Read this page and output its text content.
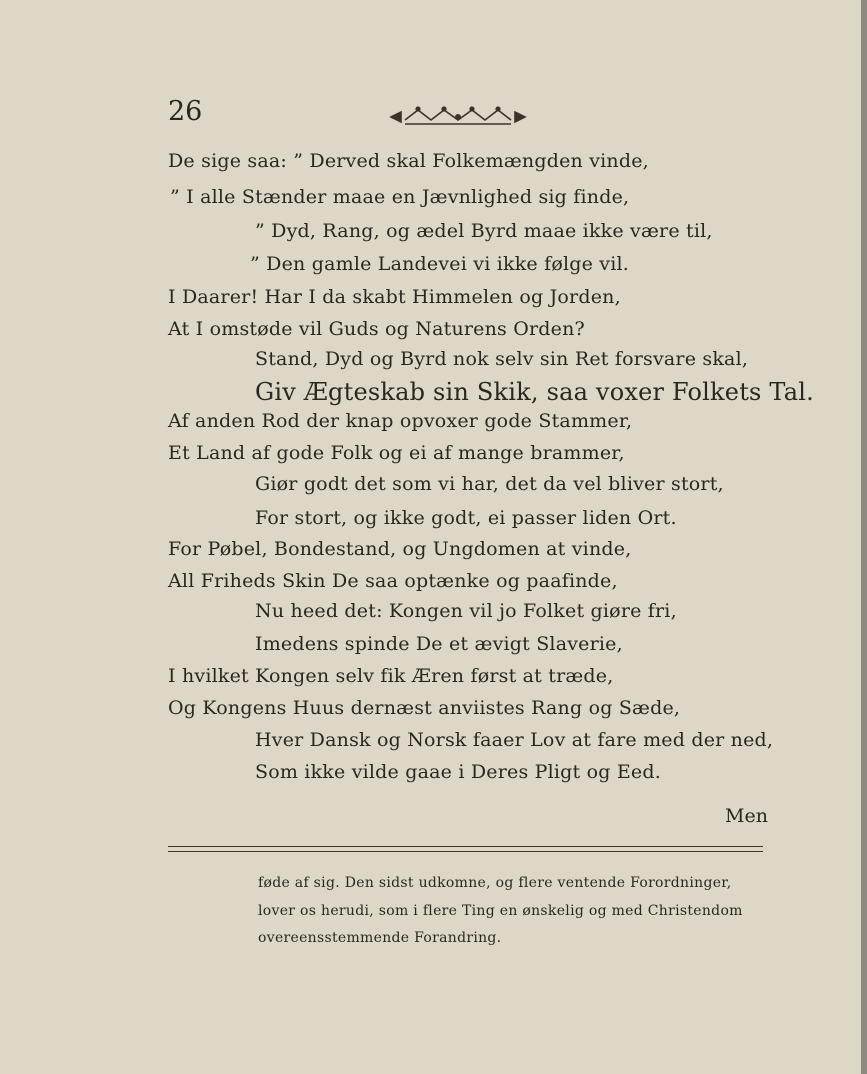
26
De sige saa: ” Derved skal Folkemængden vinde,
” I alle Stænder maae en Jævnlighed sig finde,
” Dyd, Rang, og ædel Byrd maae ikke være til,
” Den gamle Landevei vi ikke følge vil.
I Daarer! Har I da skabt Himmelen og Jorden,
At I omstøde vil Guds og Naturens Orden?
Stand, Dyd og Byrd nok selv sin Ret forsvare skal,
Giv Ægteskab sin Skik, saa voxer Folkets Tal.
Af anden Rod der knap opvoxer gode Stammer,
Et Land af gode Folk og ei af mange brammer,
Giør godt det som vi har, det da vel bliver stort,
For stort, og ikke godt, ei passer liden Ort.
For Pøbel, Bondestand, og Ungdomen at vinde,
All Friheds Skin De saa optænke og paafinde,
Nu heed det: Kongen vil jo Folket giøre fri,
Imedens spinde De et ævigt Slaverie,
I hvilket Kongen selv fik Æren først at træde,
Og Kongens Huus dernæst anviistes Rang og Sæde,
Hver Dansk og Norsk faaer Lov at fare med der ned,
Som ikke vilde gaae i Deres Pligt og Eed.
Men
føde af sig. Den sidst udkomne, og flere ventende Forordninger,
lover os herudi, som i flere Ting en ønskelig og med Christendom
overeensstemmende Forandring.
